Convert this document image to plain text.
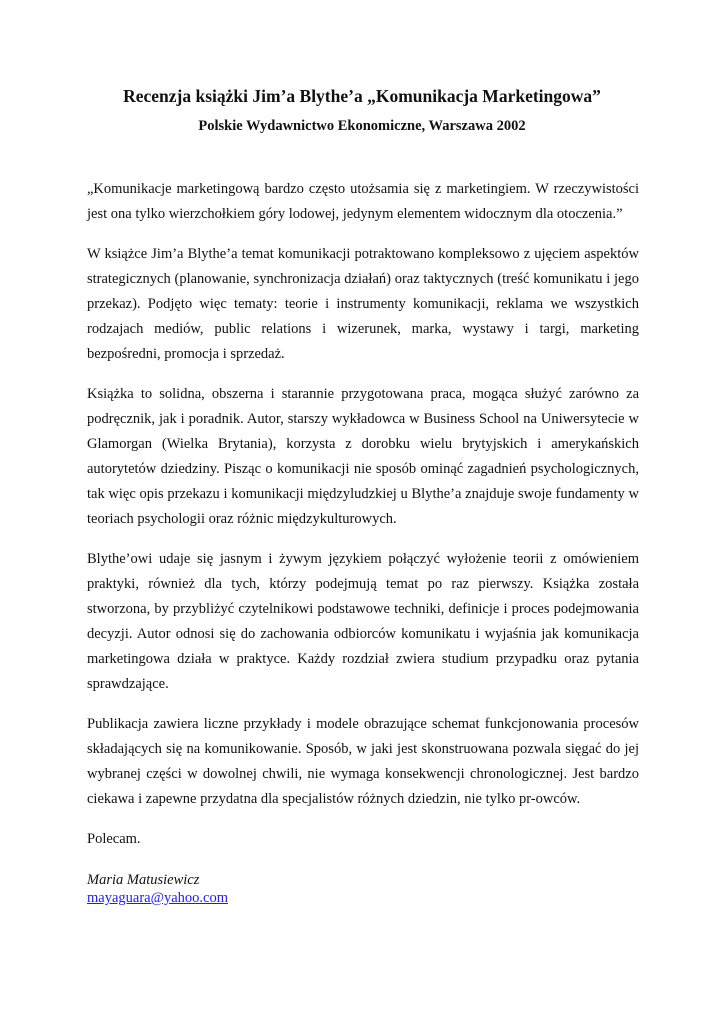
Recenzja książki Jim’a Blythe’a „Komunikacja Marketingowa”
Polskie Wydawnictwo Ekonomiczne, Warszawa 2002

„Komunikacje marketingową bardzo często utożsamia się z marketingiem. W rzeczywistości jest ona tylko wierzchołkiem góry lodowej, jedynym elementem widocznym dla otoczenia.”

W książce Jim’a Blythe’a temat komunikacji potraktowano kompleksowo z ujęciem aspektów strategicznych (planowanie, synchronizacja działań) oraz taktycznych (treść komunikatu i jego przekaz). Podjęto więc tematy: teorie i instrumenty komunikacji, reklama we wszystkich rodzajach mediów, public relations i wizerunek, marka, wystawy i targi, marketing bezpośredni, promocja i sprzedaż.

Książka to solidna, obszerna i starannie przygotowana praca, mogąca służyć zarówno za podręcznik, jak i poradnik. Autor, starszy wykładowca w Business School na Uniwersytecie w Glamorgan (Wielka Brytania), korzysta z dorobku wielu brytyjskich i amerykańskich autorytetów dziedziny. Pisząc o komunikacji nie sposób ominąć zagadnień psychologicznych, tak więc opis przekazu i komunikacji międzyludzkiej u Blythe’a znajduje swoje fundamenty w teoriach psychologii oraz różnic międzykulturowych.

Blythe’owi udaje się jasnym i żywym językiem połączyć wyłożenie teorii z omówieniem praktyki, również dla tych, którzy podejmują temat po raz pierwszy. Książka została stworzona, by przybliżyć czytelnikowi podstawowe techniki, definicje i proces podejmowania decyzji. Autor odnosi się do zachowania odbiorców komunikatu i wyjaśnia jak komunikacja marketingowa działa w praktyce. Każdy rozdział zwiera studium przypadku oraz pytania sprawdzające.

Publikacja zawiera liczne przykłady i modele obrazujące schemat funkcjonowania procesów składających się na komunikowanie. Sposób, w jaki jest skonstruowana pozwala sięgać do jej wybranej części w dowolnej chwili, nie wymaga konsekwencji chronologicznej. Jest bardzo ciekawa i zapewne przydatna dla specjalistów różnych dziedzin, nie tylko pr-owców.

Polecam.

Maria Matusiewicz
mayaguara@yahoo.com
